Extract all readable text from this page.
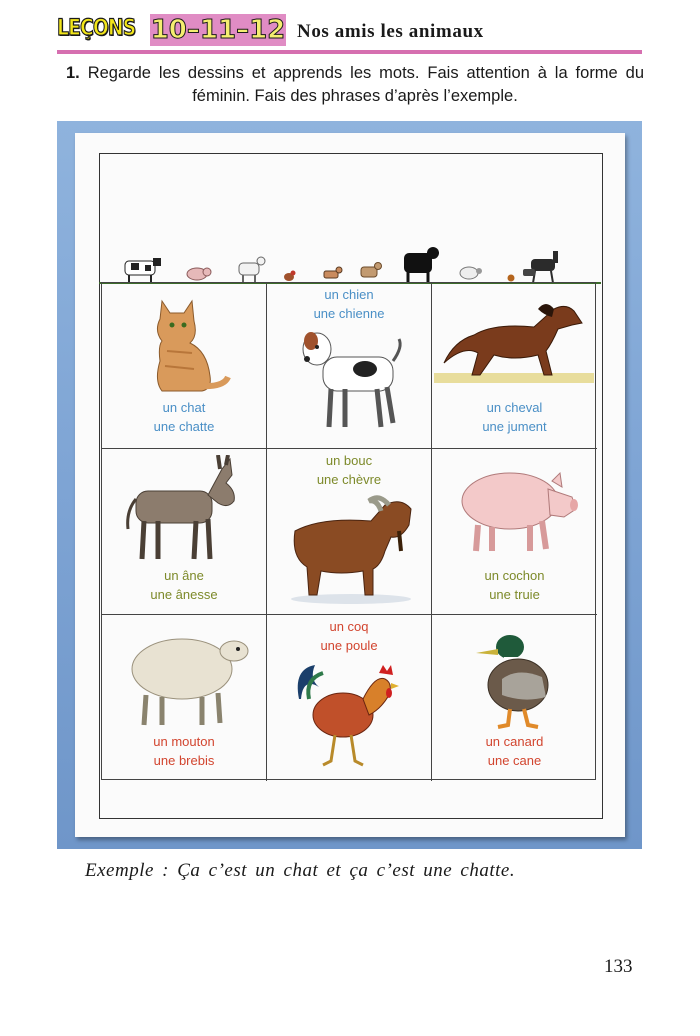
LEÇONS 10–11–12 Nos amis les animaux
1. Regarde les dessins et apprends les mots. Fais attention à la forme du féminin. Fais des phrases d’après l’exemple.
un chat
une chatte
un chien
une chienne
un cheval
une jument
un âne
une ânesse
un bouc
une chèvre
un cochon
une truie
un mouton
une brebis
un coq
une poule
un canard
une cane
Exemple : Ça c’est un chat et ça c’est une chatte.
133
